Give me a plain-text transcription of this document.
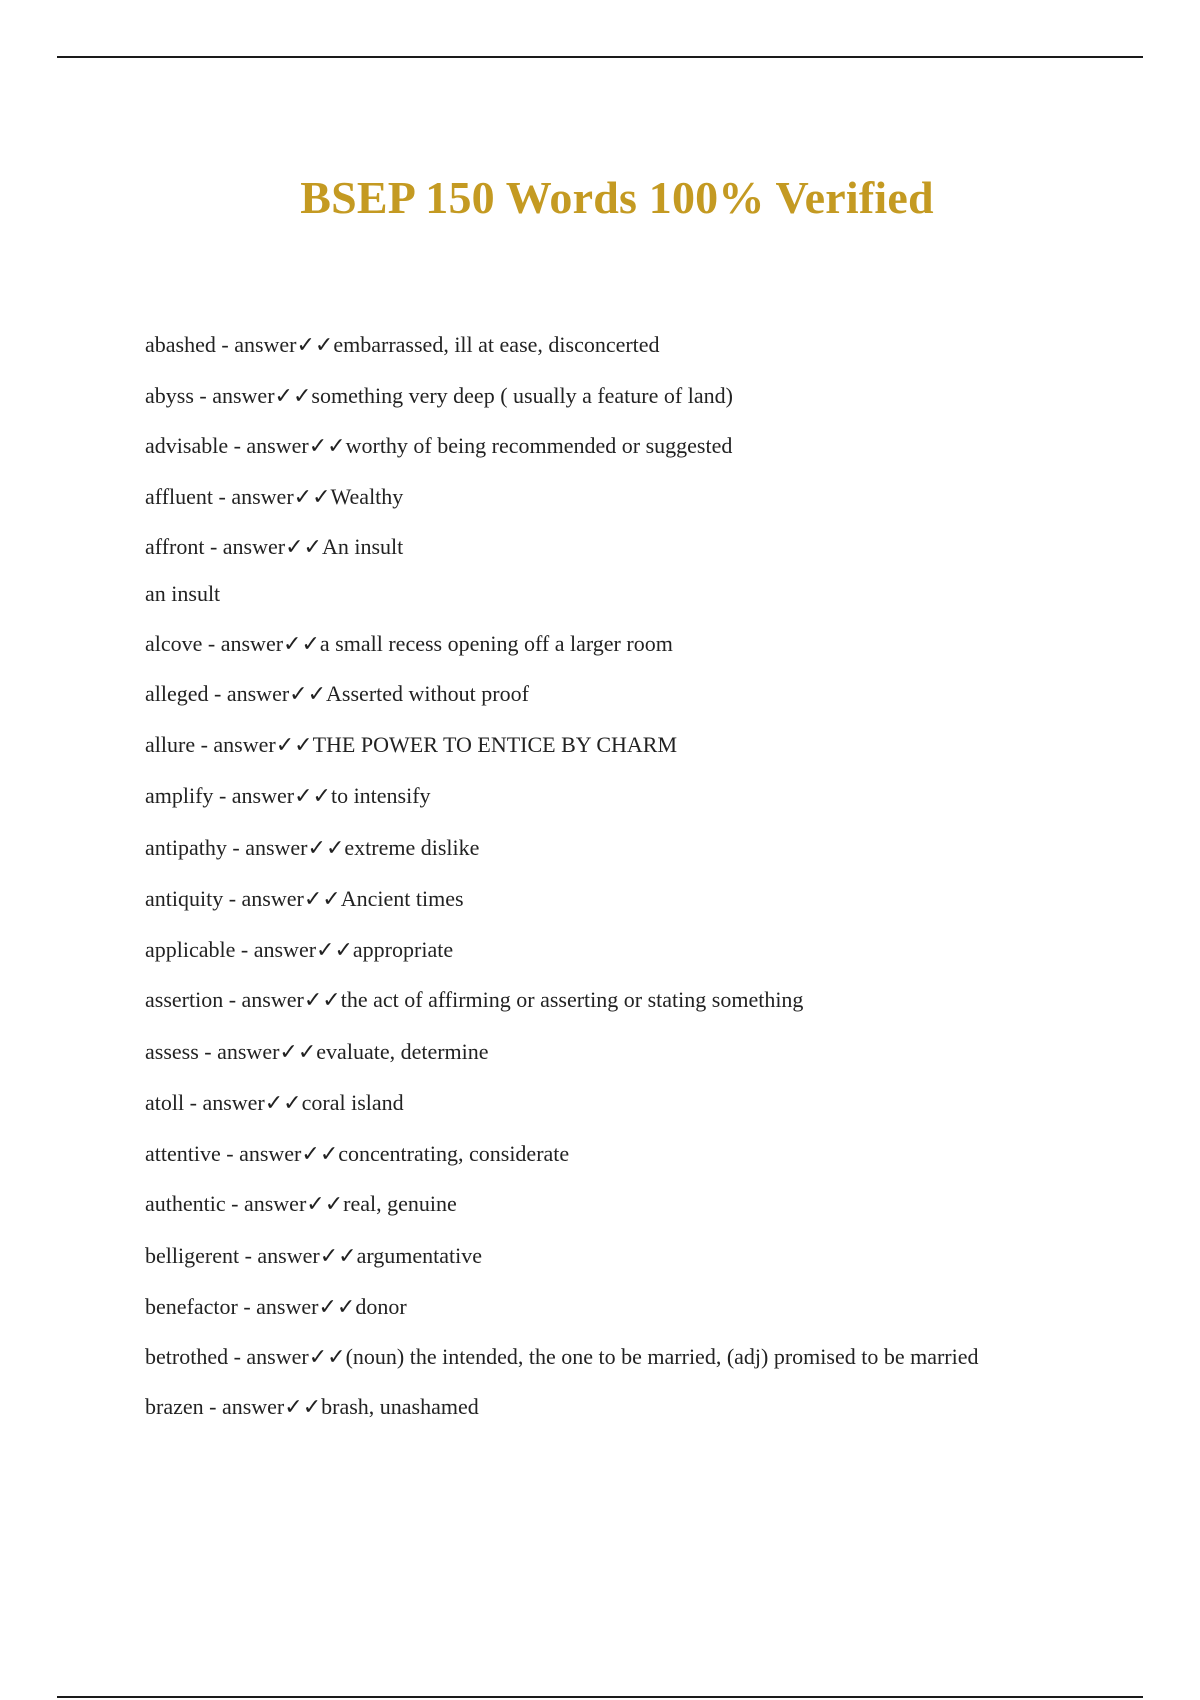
BSEP 150 Words 100% Verified
abashed - answer✓✓embarrassed, ill at ease, disconcerted
abyss - answer✓✓something very deep ( usually a feature of land)
advisable - answer✓✓worthy of being recommended or suggested
affluent - answer✓✓Wealthy
affront - answer✓✓An insult
an insult
alcove - answer✓✓a small recess opening off a larger room
alleged - answer✓✓Asserted without proof
allure - answer✓✓THE POWER TO ENTICE BY CHARM
amplify - answer✓✓to intensify
antipathy - answer✓✓extreme dislike
antiquity - answer✓✓Ancient times
applicable - answer✓✓appropriate
assertion - answer✓✓the act of affirming or asserting or stating something
assess - answer✓✓evaluate, determine
atoll - answer✓✓coral island
attentive - answer✓✓concentrating, considerate
authentic - answer✓✓real, genuine
belligerent - answer✓✓argumentative
benefactor - answer✓✓donor
betrothed - answer✓✓(noun) the intended, the one to be married, (adj) promised to be married
brazen - answer✓✓brash, unashamed
